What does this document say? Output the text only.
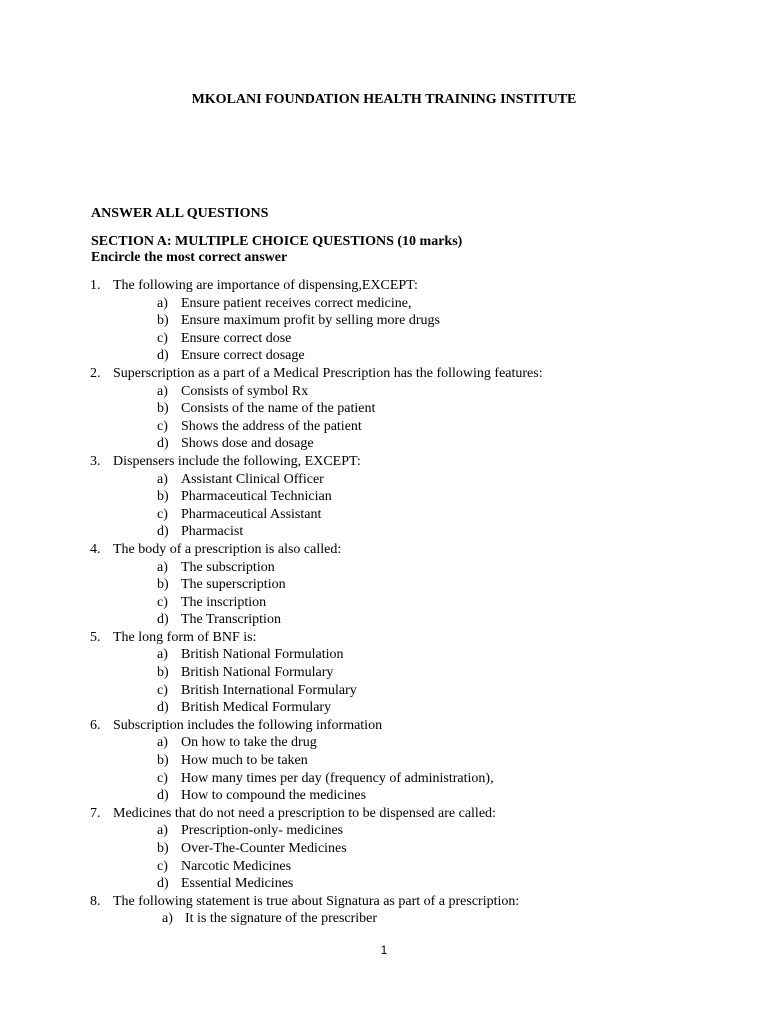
MKOLANI FOUNDATION HEALTH TRAINING INSTITUTE
ANSWER ALL QUESTIONS
SECTION A: MULTIPLE CHOICE QUESTIONS (10 marks)
Encircle the most correct answer
1. The following are importance of dispensing,EXCEPT:
a) Ensure patient receives correct medicine,
b) Ensure maximum profit by selling more drugs
c) Ensure correct dose
d) Ensure correct dosage
2. Superscription as a part of a Medical Prescription has the following features:
a) Consists of symbol Rx
b) Consists of the name of the patient
c) Shows the address of the patient
d) Shows dose and dosage
3. Dispensers include the following, EXCEPT:
a) Assistant Clinical Officer
b) Pharmaceutical Technician
c) Pharmaceutical Assistant
d) Pharmacist
4. The body of a prescription is also called:
a) The subscription
b) The superscription
c) The inscription
d) The Transcription
5. The long form of BNF is:
a) British National Formulation
b) British National Formulary
c) British International Formulary
d) British Medical Formulary
6. Subscription includes the following information
a) On how to take the drug
b) How much to be taken
c) How many times per day (frequency of administration),
d) How to compound the medicines
7. Medicines that do not need a prescription to be dispensed are called:
a) Prescription-only- medicines
b) Over-The-Counter Medicines
c) Narcotic Medicines
d) Essential Medicines
8. The following statement is true about Signatura as part of a prescription:
a) It is the signature of the prescriber
1
